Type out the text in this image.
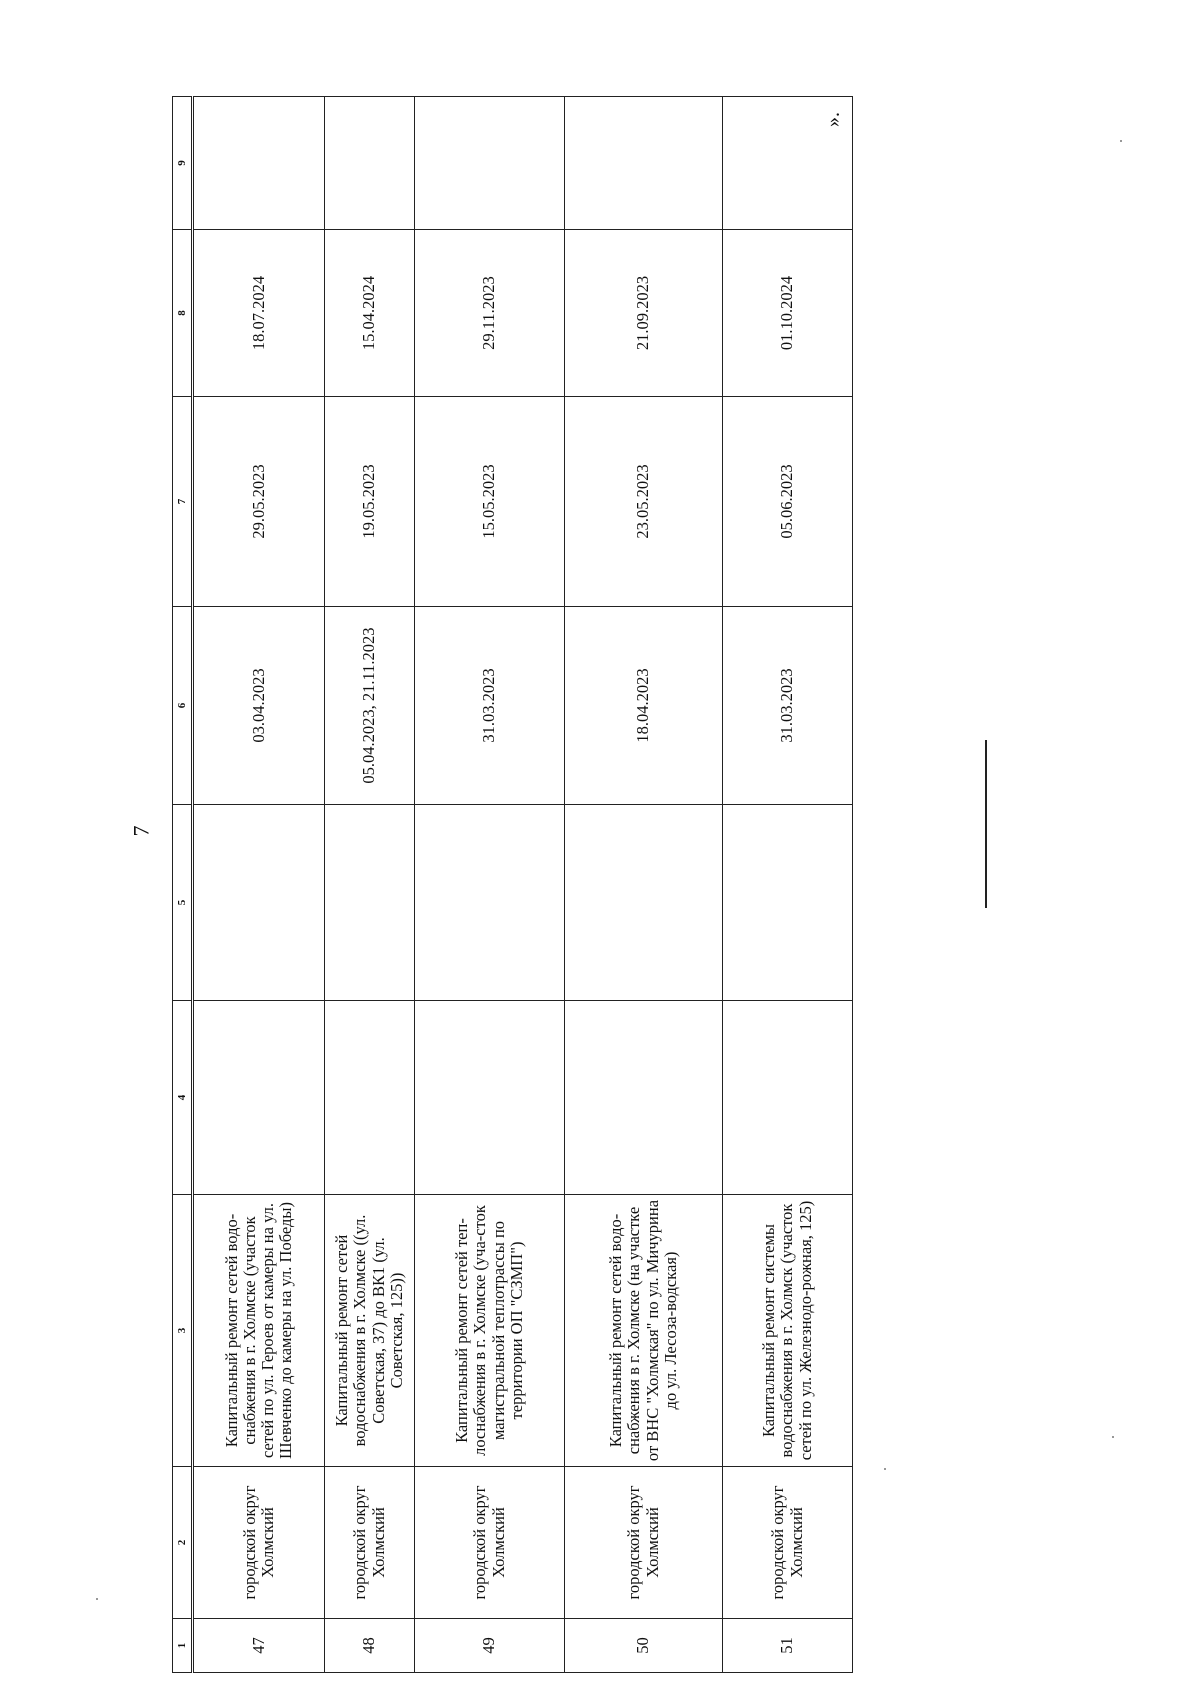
7
1	2	3	4	5	6	7	8	9
47	городской округ Холмский	Капитальный ремонт сетей водо-снабжения в г. Холмске (участок сетей по ул. Героев от камеры на ул. Шевченко до камеры на ул. Победы)			03.04.2023	29.05.2023	18.07.2024	
48	городской округ Холмский	Капитальный ремонт сетей водоснабжения в г. Холмске ((ул. Советская, 37) до ВК1 (ул. Советская, 125))			05.04.2023, 21.11.2023	19.05.2023	15.04.2024	
49	городской округ Холмский	Капитальный ремонт сетей теп-лоснабжения в г. Холмске (уча-сток магистральной теплотрассы по территории ОП "СЗМП")			31.03.2023	15.05.2023	29.11.2023	
50	городской округ Холмский	Капитальный ремонт сетей водо-снабжения в г. Холмске (на участке от ВНС "Холмская" по ул. Мичурина до ул. Лесоза-водская)			18.04.2023	23.05.2023	21.09.2023	
51	городской округ Холмский	Капитальный ремонт системы водоснабжения в г. Холмск (участок сетей по ул. Железнодо-рожная, 125)			31.03.2023	05.06.2023	01.10.2024	
».
